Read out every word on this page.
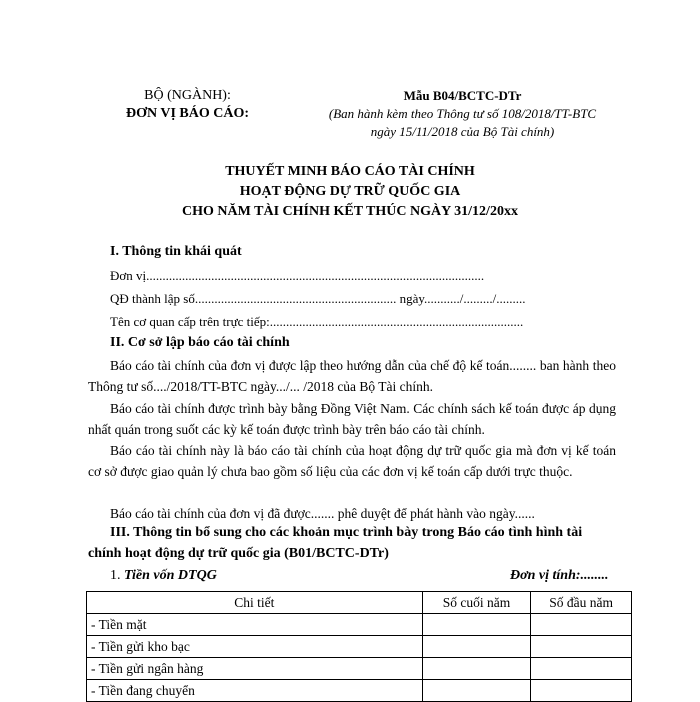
BỘ (NGÀNH):
ĐƠN VỊ BÁO CÁO:
Mẫu B04/BCTC-DTr
(Ban hành kèm theo Thông tư số 108/2018/TT-BTC
ngày 15/11/2018 của Bộ Tài chính)
THUYẾT MINH BÁO CÁO TÀI CHÍNH
HOẠT ĐỘNG DỰ TRỮ QUỐC GIA
CHO NĂM TÀI CHÍNH KẾT THÚC NGÀY 31/12/20xx
I. Thông tin khái quát
Đơn vị........................................................................................................
QĐ thành lập số.............................................................. ngày.........../........./.........
Tên cơ quan cấp trên trực tiếp:..............................................................................
II. Cơ sở lập báo cáo tài chính
Báo cáo tài chính của đơn vị được lập theo hướng dẫn của chế độ kế toán........ ban hành theo Thông tư số..../2018/TT-BTC ngày.../... /2018 của Bộ Tài chính.
Báo cáo tài chính được trình bày bằng Đồng Việt Nam. Các chính sách kế toán được áp dụng nhất quán trong suốt các kỳ kế toán được trình bày trên báo cáo tài chính.
Báo cáo tài chính này là báo cáo tài chính của hoạt động dự trữ quốc gia mà đơn vị kế toán cơ sở được giao quản lý chưa bao gồm số liệu của các đơn vị kế toán cấp dưới trực thuộc.
Báo cáo tài chính của đơn vị đã được....... phê duyệt để phát hành vào ngày......
III. Thông tin bổ sung cho các khoản mục trình bày trong Báo cáo tình hình tài
chính hoạt động dự trữ quốc gia (B01/BCTC-DTr)
1. Tiền vốn DTQG	Đơn vị tính:........
Chi tiết	Số cuối năm	Số đầu năm
- Tiền mặt		
- Tiền gửi kho bạc		
- Tiền gửi ngân hàng		
- Tiền đang chuyển		
